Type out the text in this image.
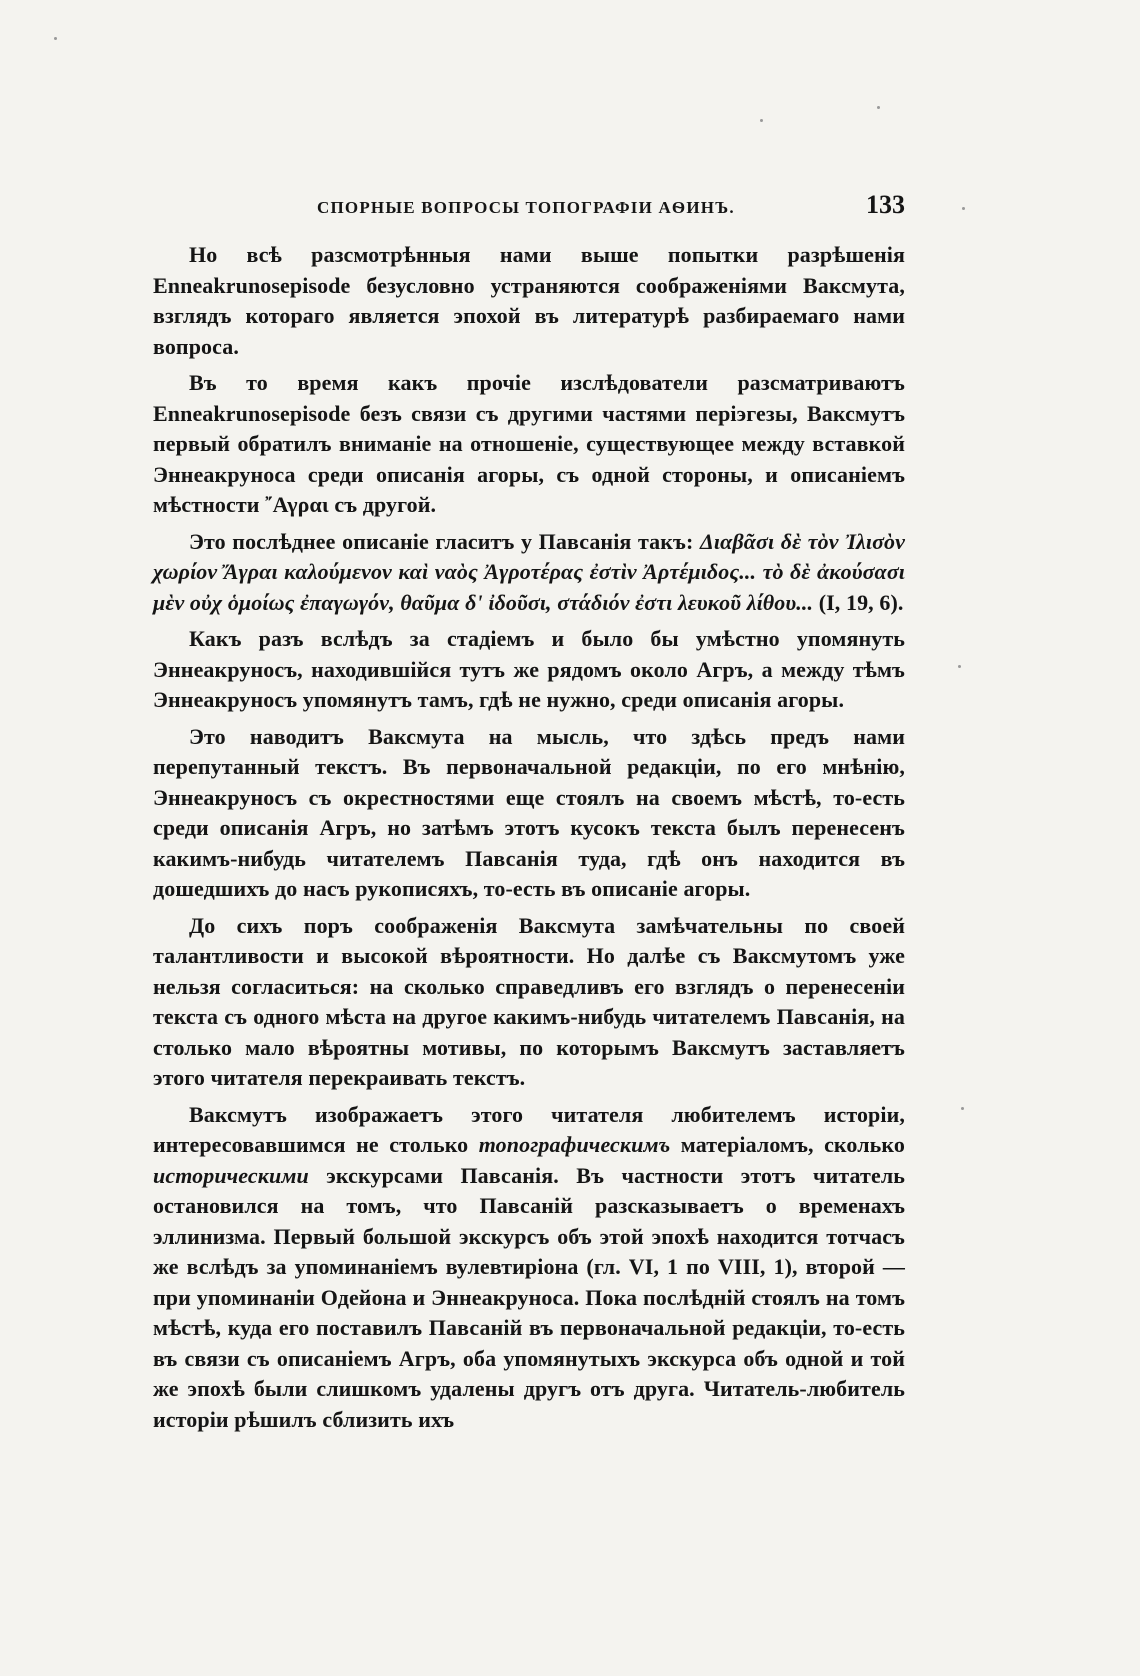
СПОРНЫЕ ВОПРОСЫ ТОПОГРАФІИ АѲИНЪ.	133

Но всѣ разсмотрѣнныя нами выше попытки разрѣшенія Enneakrunosepisode безусловно устраняются соображеніями Ваксмута, взглядъ котораго является эпохой въ литературѣ разбираемаго нами вопроса.

Въ то время какъ прочіе изслѣдователи разсматриваютъ Enneakrunosepisode безъ связи съ другими частями періэгезы, Ваксмутъ первый обратилъ вниманіе на отношеніе, существующее между вставкой Эннеакруноса среди описанія агоры, съ одной стороны, и описаніемъ мѣстности ῎Αγραι съ другой.

Это послѣднее описаніе гласитъ у Павсанія такъ: Διαβᾶσι δὲ τὸν Ἰλισὸν χωρίον Ἄγραι καλούμενον καὶ ναὸς Ἀγροτέρας ἐστὶν Ἀρτέμιδος... τὸ δὲ ἀκούσασι μὲν οὐχ ὁμοίως ἐπαγωγόν, θαῦμα δ' ἰδοῦσι, στάδιόν ἐστι λευκοῦ λίθου... (I, 19, 6).

Какъ разъ вслѣдъ за стадіемъ и было бы умѣстно упомянуть Эннеакруносъ, находившійся тутъ же рядомъ около Агръ, а между тѣмъ Эннеакруносъ упомянутъ тамъ, гдѣ не нужно, среди описанія агоры.

Это наводитъ Ваксмута на мысль, что здѣсь предъ нами перепутанный текстъ. Въ первоначальной редакціи, по его мнѣнію, Эннеакруносъ съ окрестностями еще стоялъ на своемъ мѣстѣ, то-есть среди описанія Агръ, но затѣмъ этотъ кусокъ текста былъ перенесенъ какимъ-нибудь читателемъ Павсанія туда, гдѣ онъ находится въ дошедшихъ до насъ рукописяхъ, то-есть въ описаніе агоры.

До сихъ поръ соображенія Ваксмута замѣчательны по своей талантливости и высокой вѣроятности. Но далѣе съ Ваксмутомъ уже нельзя согласиться: на сколько справедливъ его взглядъ о перенесеніи текста съ одного мѣста на другое какимъ-нибудь читателемъ Павсанія, на столько мало вѣроятны мотивы, по которымъ Ваксмутъ заставляетъ этого читателя перекраивать текстъ.

Ваксмутъ изображаетъ этого читателя любителемъ исторіи, интересовавшимся не столько топографическимъ матеріаломъ, сколько историческими экскурсами Павсанія. Въ частности этотъ читатель остановился на томъ, что Павсаній разсказываетъ о временахъ эллинизма. Первый большой экскурсъ объ этой эпохѣ находится тотчасъ же вслѣдъ за упоминаніемъ вулевтиріона (гл. VI, 1 по VIII, 1), второй — при упоминаніи Одейона и Эннеакруноса. Пока послѣдній стоялъ на томъ мѣстѣ, куда его поставилъ Павсаній въ первоначальной редакціи, то-есть въ связи съ описаніемъ Агръ, оба упомянутыхъ экскурса объ одной и той же эпохѣ были слишкомъ удалены другъ отъ друга. Читатель-любитель исторіи рѣшилъ сблизить ихъ
